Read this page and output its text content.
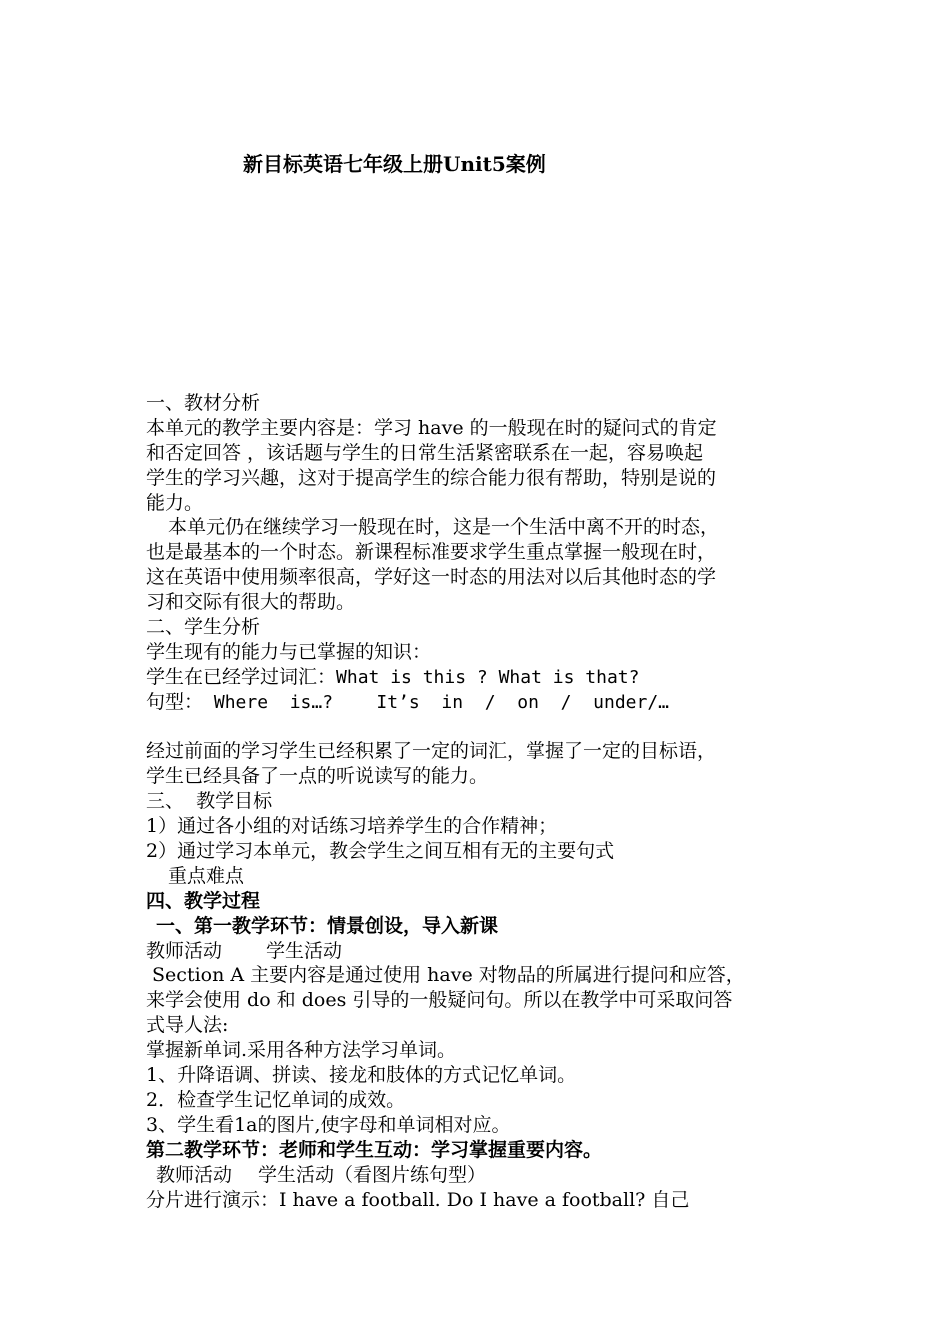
新目标英语七年级上册Unit5案例
一、教材分析
本单元的教学主要内容是：学习 have 的一般现在时的疑问式的肯定
和否定回答 ，该话题与学生的日常生活紧密联系在一起，容易唤起
学生的学习兴趣，这对于提高学生的综合能力很有帮助，特别是说的
能力。
本单元仍在继续学习一般现在时，这是一个生活中离不开的时态，
也是最基本的一个时态。新课程标准要求学生重点掌握一般现在时，
这在英语中使用频率很高，学好这一时态的用法对以后其他时态的学
习和交际有很大的帮助。
二、学生分析
学生现有的能力与已掌握的知识：
学生在已经学过词汇：What is this ? What is that?
句型： Where  is…?    It’s  in  /  on  /  under/…
经过前面的学习学生已经积累了一定的词汇，掌握了一定的目标语，
学生已经具备了一点的听说读写的能力。
三、  教学目标
1）通过各小组的对话练习培养学生的合作精神；
2）通过学习本单元，教会学生之间互相有无的主要句式
重点难点
四、教学过程
一、第一教学环节：情景创设，导入新课
教师活动 学生活动
Section A 主要内容是通过使用 have 对物品的所属进行提问和应答，
来学会使用 do 和 does 引导的一般疑问句。所以在教学中可采取问答
式导人法:
掌握新单词.采用各种方法学习单词。
1、升降语调、拼读、接龙和肢体的方式记忆单词。
2．检查学生记忆单词的成效。
3、学生看1a的图片,使字母和单词相对应。
第二教学环节：老师和学生互动：学习掌握重要内容。
教师活动 学生活动（看图片练句型）
分片进行演示：I have a football. Do I have a football? 自己
